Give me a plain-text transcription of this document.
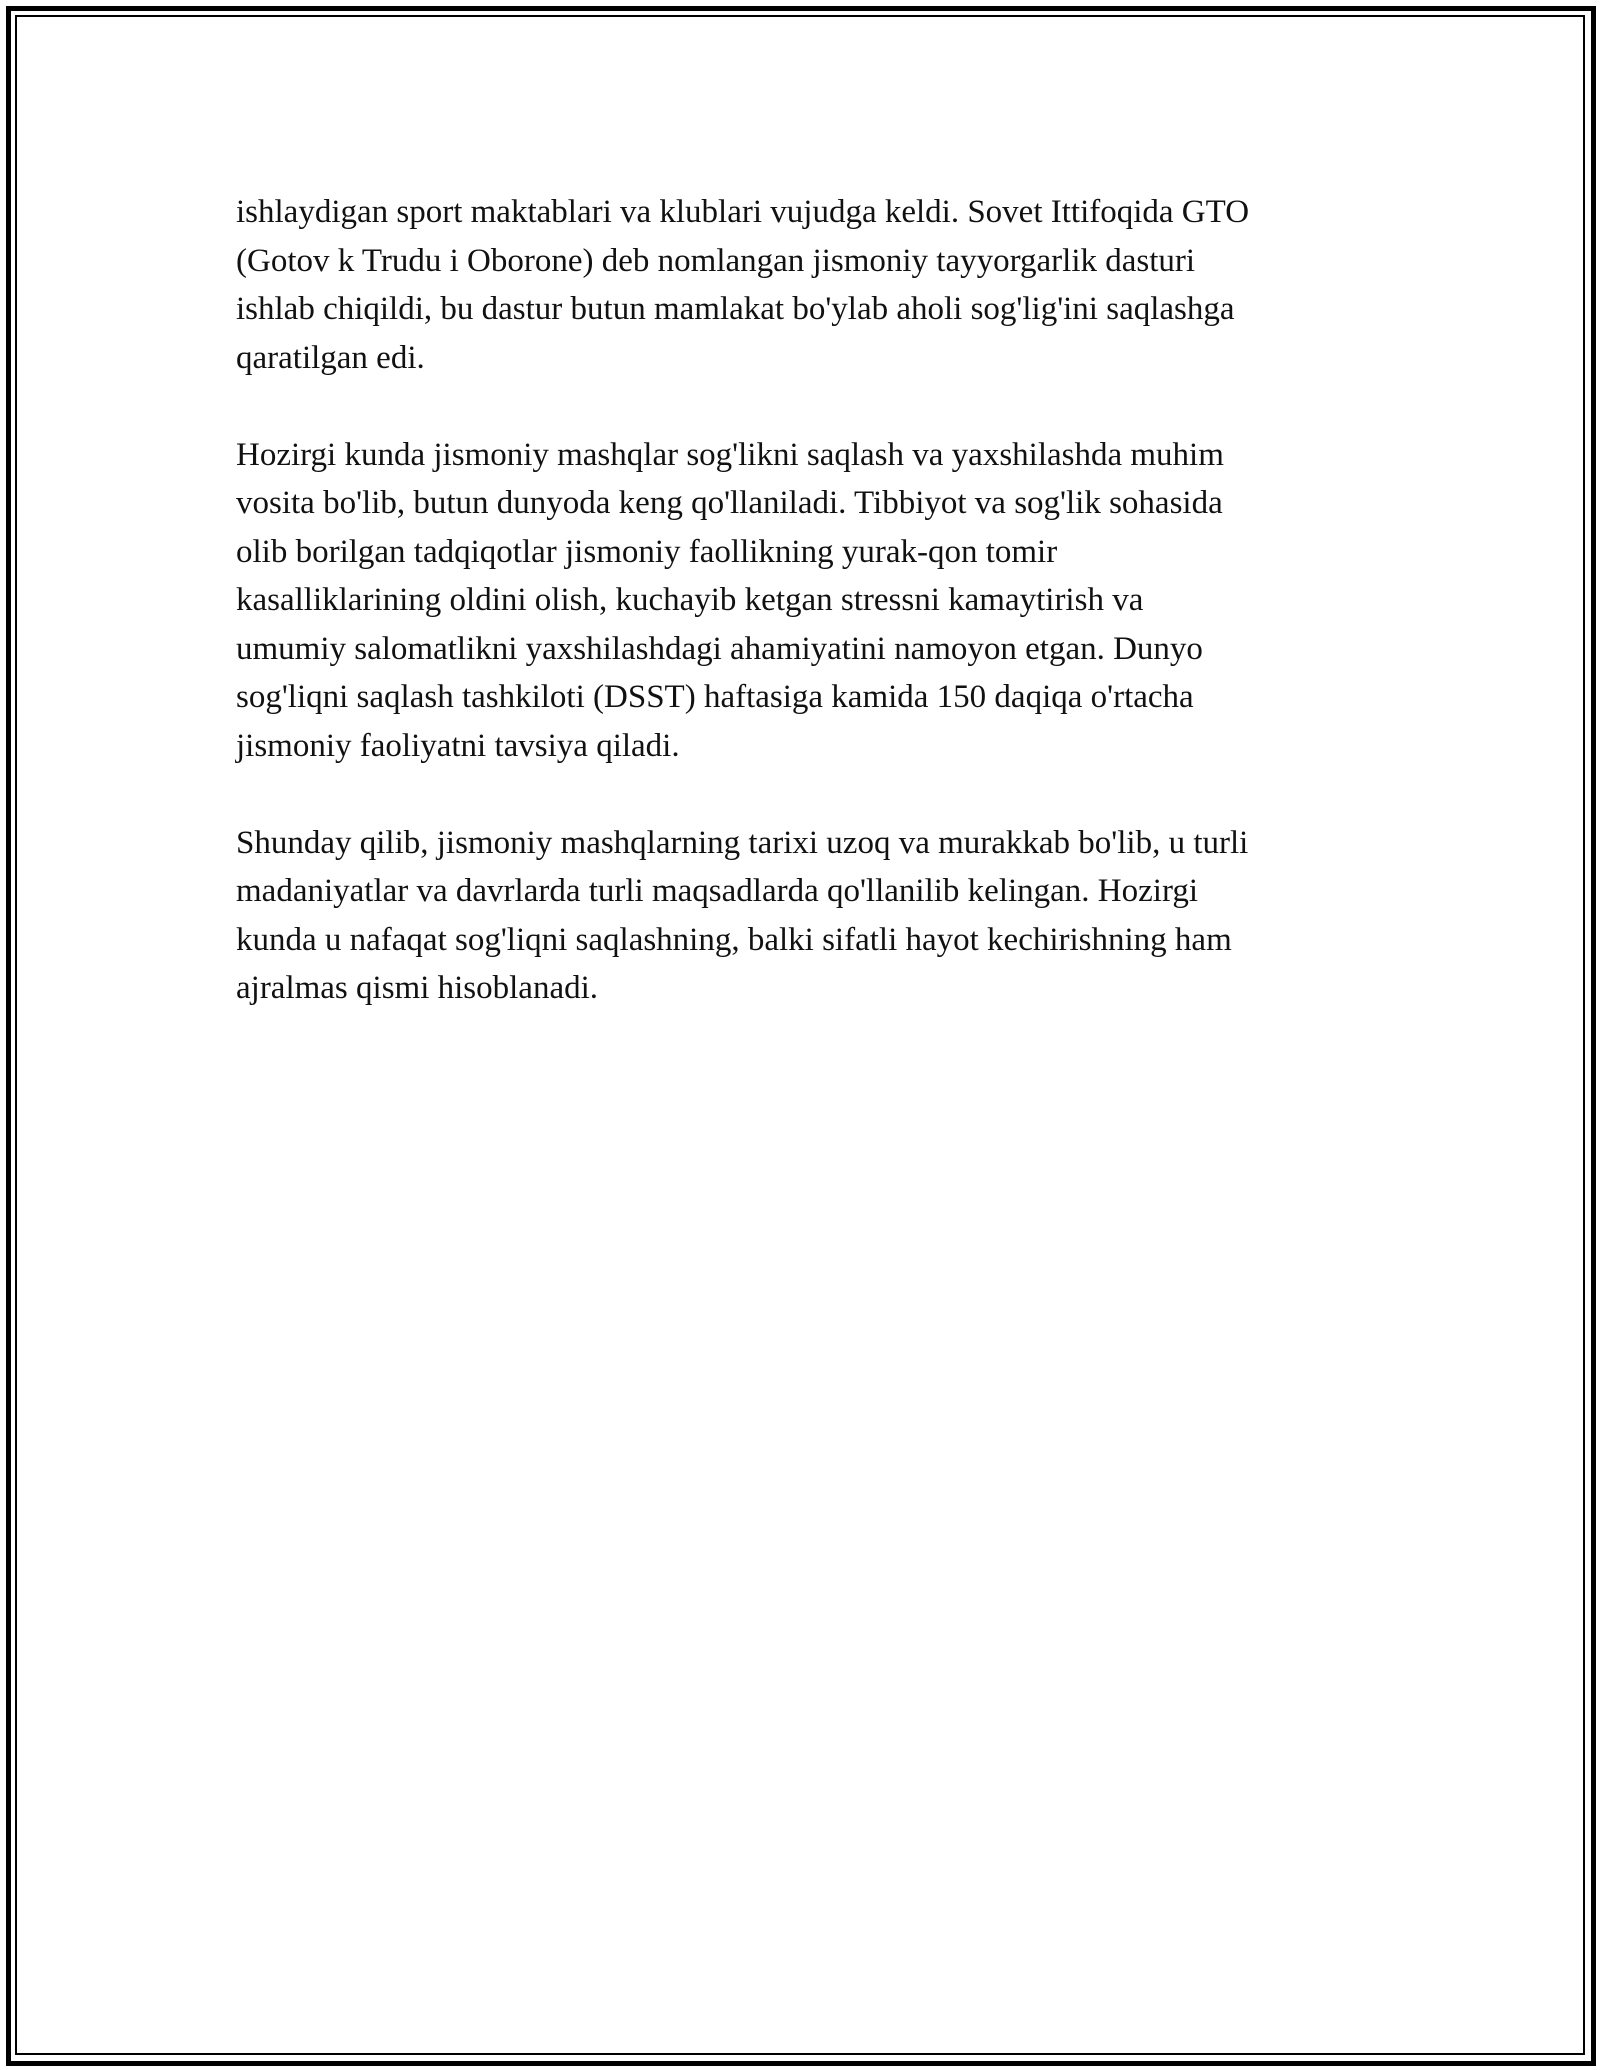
ishlaydigan sport maktablari va klublari vujudga keldi. Sovet Ittifoqida GTO
(Gotov k Trudu i Oborone) deb nomlangan jismoniy tayyorgarlik dasturi
ishlab chiqildi, bu dastur butun mamlakat bo'ylab aholi sog'lig'ini saqlashga
qaratilgan edi.

Hozirgi kunda jismoniy mashqlar sog'likni saqlash va yaxshilashda muhim
vosita bo'lib, butun dunyoda keng qo'llaniladi. Tibbiyot va sog'lik sohasida
olib borilgan tadqiqotlar jismoniy faollikning yurak-qon tomir
kasalliklarining oldini olish, kuchayib ketgan stressni kamaytirish va
umumiy salomatlikni yaxshilashdagi ahamiyatini namoyon etgan. Dunyo
sog'liqni saqlash tashkiloti (DSST) haftasiga kamida 150 daqiqa o'rtacha
jismoniy faoliyatni tavsiya qiladi.

Shunday qilib, jismoniy mashqlarning tarixi uzoq va murakkab bo'lib, u turli
madaniyatlar va davrlarda turli maqsadlarda qo'llanilib kelingan. Hozirgi
kunda u nafaqat sog'liqni saqlashning, balki sifatli hayot kechirishning ham
ajralmas qismi hisoblanadi.
